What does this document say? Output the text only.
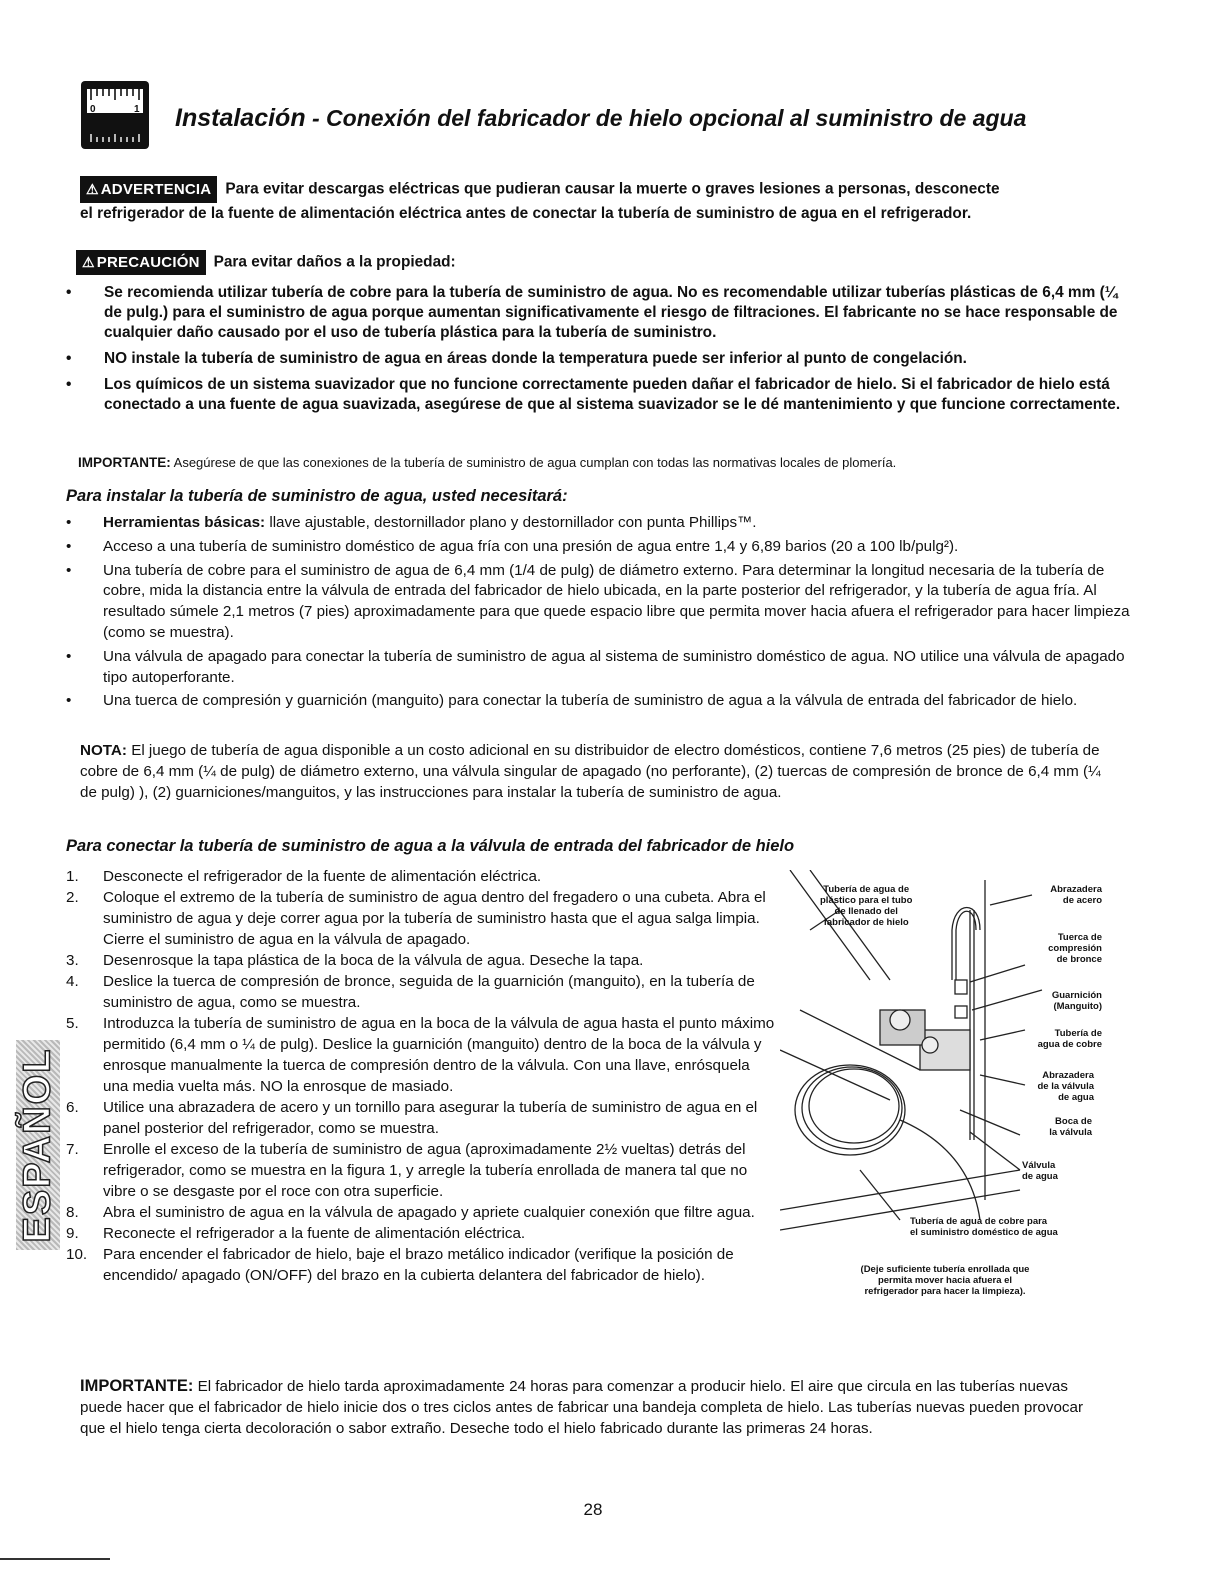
0	1 Instalación - Conexión del fabricador de hielo opcional al suministro de agua
⚠ ADVERTENCIA Para evitar descargas eléctricas que pudieran causar la muerte o graves lesiones a personas, desconecte
el refrigerador de la fuente de alimentación eléctrica antes de conectar la tubería de suministro de agua en el refrigerador.
⚠ PRECAUCIÓN Para evitar daños a la propiedad:
• Se recomienda utilizar tubería de cobre para la tubería de suministro de agua. No es recomendable utilizar tuberías plásticas de 6,4 mm (¼ de pulg.) para el suministro de agua porque aumentan significativamente el riesgo de filtraciones. El fabricante no se hace responsable de cualquier daño causado por el uso de tubería plástica para la tubería de suministro.
• NO instale la tubería de suministro de agua en áreas donde la temperatura puede ser inferior al punto de congelación.
• Los químicos de un sistema suavizador que no funcione correctamente pueden dañar el fabricador de hielo. Si el fabricador de hielo está conectado a una fuente de agua suavizada, asegúrese de que al sistema suavizador se le dé mantenimiento y que funcione correctamente.
IMPORTANTE: Asegúrese de que las conexiones de la tubería de suministro de agua cumplan con todas las normativas locales de plomería.
Para instalar la tubería de suministro de agua, usted necesitará:
• Herramientas básicas: llave ajustable, destornillador plano y destornillador con punta Phillips™.
• Acceso a una tubería de suministro doméstico de agua fría con una presión de agua entre 1,4 y 6,89 barios (20 a 100 lb/pulg²).
• Una tubería de cobre para el suministro de agua de 6,4 mm (1/4 de pulg) de diámetro externo. Para determinar la longitud necesaria de la tubería de cobre, mida la distancia entre la válvula de entrada del fabricador de hielo ubicada, en la parte posterior del refrigerador, y la tubería de agua fría. Al resultado súmele 2,1 metros (7 pies) aproximadamente para que quede espacio libre que permita mover hacia afuera el refrigerador para hacer limpieza (como se muestra).
• Una válvula de apagado para conectar la tubería de suministro de agua al sistema de suministro doméstico de agua. NO utilice una válvula de apagado tipo autoperforante.
• Una tuerca de compresión y guarnición (manguito) para conectar la tubería de suministro de agua a la válvula de entrada del fabricador de hielo.
NOTA: El juego de tubería de agua disponible a un costo adicional en su distribuidor de electro domésticos, contiene 7,6 metros (25 pies) de tubería de cobre de 6,4 mm (¼ de pulg) de diámetro externo, una válvula singular de apagado (no perforante), (2) tuercas de compresión de bronce de 6,4 mm (¼ de pulg) ), (2) guarniciones/manguitos, y las instrucciones para instalar la tubería de suministro de agua.
Para conectar la tubería de suministro de agua a la válvula de entrada del fabricador de hielo
1. Desconecte el refrigerador de la fuente de alimentación eléctrica.
2. Coloque el extremo de la tubería de suministro de agua dentro del fregadero o una cubeta. Abra el suministro de agua y deje correr agua por la tubería de suministro hasta que el agua salga limpia. Cierre el suministro de agua en la válvula de apagado.
3. Desenrosque la tapa plástica de la boca de la válvula de agua. Deseche la tapa.
4. Deslice la tuerca de compresión de bronce, seguida de la guarnición (manguito), en la tubería de suministro de agua, como se muestra.
5. Introduzca la tubería de suministro de agua en la boca de la válvula de agua hasta el punto máximo permitido (6,4 mm o ¼ de pulg). Deslice la guarnición (manguito) dentro de la boca de la válvula y enrosque manualmente la tuerca de compresión dentro de la válvula. Con una llave, enrósquela una media vuelta más. NO la enrosque de masiado.
6. Utilice una abrazadera de acero y un tornillo para asegurar la tubería de suministro de agua en el panel posterior del refrigerador, como se muestra.
7. Enrolle el exceso de la tubería de suministro de agua (aproximadamente 2½ vueltas) detrás del refrigerador, como se muestra en la figura 1, y arregle la tubería enrollada de manera tal que no vibre o se desgaste por el roce con otra superficie.
8. Abra el suministro de agua en la válvula de apagado y apriete cualquier conexión que filtre agua.
9. Reconecte el refrigerador a la fuente de alimentación eléctrica.
10. Para encender el fabricador de hielo, baje el brazo metálico indicador (verifique la posición de encendido/ apagado (ON/OFF) del brazo en la cubierta delantera del fabricador de hielo).
Tubería de agua de
plástico para el tubo
de llenado del
fabricador de hielo
Abrazadera
de acero
Tuerca de
compresión
de bronce
Guarnición
(Manguito)
Tubería de
agua de cobre
Abrazadera
de la válvula
de agua
Boca de
la válvula
Válvula
de agua
Tubería de agua de cobre para
el suministro doméstico de agua
(Deje suficiente tubería enrollada que
permita mover hacia afuera el
refrigerador para hacer la limpieza).
ESPAÑOL
IMPORTANTE: El fabricador de hielo tarda aproximadamente 24 horas para comenzar a producir hielo. El aire que circula en las tuberías nuevas puede hacer que el fabricador de hielo inicie dos o tres ciclos antes de fabricar una bandeja completa de hielo. Las tuberías nuevas pueden provocar que el hielo tenga cierta decoloración o sabor extraño. Deseche todo el hielo fabricado durante las primeras 24 horas.
28
